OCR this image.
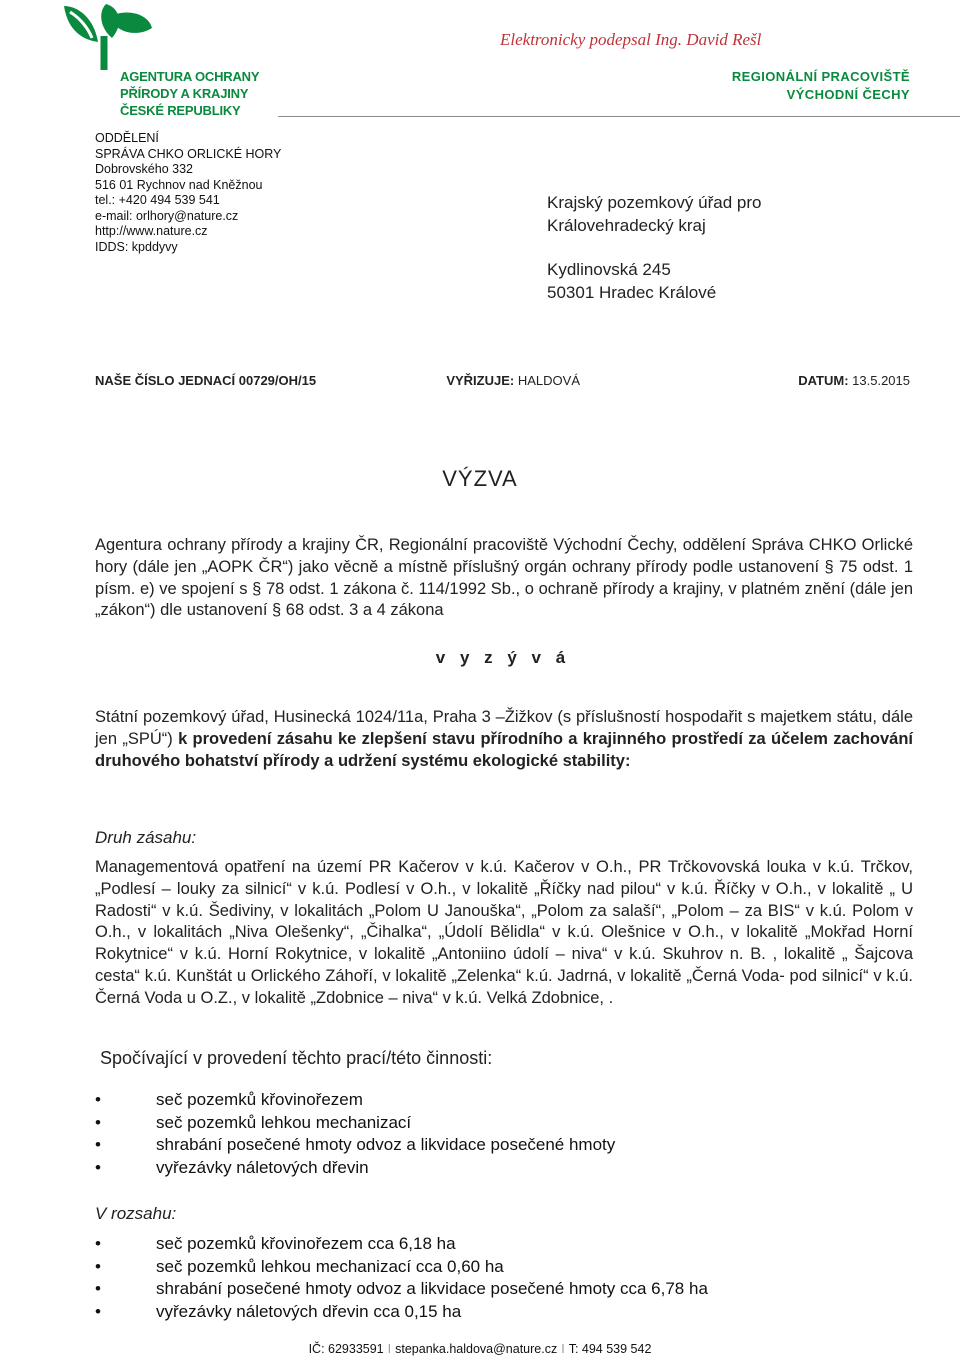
AGENTURA OCHRANY
PŘÍRODY A KRAJINY
ČESKÉ REPUBLIKY
Elektronicky podepsal Ing. David Rešl
REGIONÁLNÍ PRACOVIŠTĚ
VÝCHODNÍ ČECHY
ODDĚLENÍ
SPRÁVA CHKO ORLICKÉ HORY
Dobrovského 332
516 01 Rychnov nad Kněžnou
tel.: +420 494 539 541
e-mail: orlhory@nature.cz
http://www.nature.cz
IDDS: kpddyvy
Krajský pozemkový úřad pro
Královehradecký kraj
Kydlinovská 245
50301 Hradec Králové
NAŠE ČÍSLO JEDNACÍ 00729/OH/15	VYŘIZUJE: HALDOVÁ	DATUM: 13.5.2015
VÝZVA
Agentura ochrany přírody a krajiny ČR, Regionální pracoviště Východní Čechy, oddělení Správa CHKO Orlické hory (dále jen „AOPK ČR“) jako věcně a místně příslušný orgán ochrany přírody podle ustanovení § 75 odst. 1 písm. e) ve spojení s § 78 odst. 1 zákona č. 114/1992 Sb., o ochraně přírody a krajiny, v platném znění (dále jen „zákon“) dle ustanovení § 68 odst. 3 a 4 zákona
v y z ý v á
Státní pozemkový úřad, Husinecká 1024/11a, Praha 3 –Žižkov (s příslušností hospodařit s majetkem státu, dále jen „SPÚ“) k provedení zásahu ke zlepšení stavu přírodního a krajinného prostředí za účelem zachování druhového bohatství přírody a udržení systému ekologické stability:
Druh zásahu:
Managementová opatření na území PR Kačerov v k.ú. Kačerov v O.h., PR Trčkovovská louka v k.ú. Trčkov, „Podlesí – louky za silnicí“ v k.ú. Podlesí v O.h., v lokalitě „Říčky nad pilou“ v k.ú. Říčky v O.h., v lokalitě „ U Radosti“ v k.ú. Šediviny, v lokalitách „Polom U Janouška“, „Polom za salaší“, „Polom – za BIS“ v k.ú. Polom v O.h., v lokalitách „Niva Olešenky“, „Čihalka“, „Údolí Bělidla“ v k.ú. Olešnice v O.h., v lokalitě „Mokřad Horní Rokytnice“ v k.ú. Horní Rokytnice, v lokalitě „Antoniino údolí – niva“ v k.ú. Skuhrov n. B. , lokalitě „ Šajcova cesta“ k.ú. Kunštát u Orlického Záhoří, v lokalitě „Zelenka“ k.ú. Jadrná, v lokalitě „Černá Voda- pod silnicí“ v k.ú. Černá Voda u O.Z., v lokalitě „Zdobnice – niva“ v k.ú. Velká Zdobnice, .
Spočívající v provedení těchto prací/této činnosti:
• seč pozemků křovinořezem
• seč pozemků lehkou mechanizací
• shrabání posečené hmoty odvoz a likvidace posečené hmoty
• vyřezávky náletových dřevin
V rozsahu:
• seč pozemků křovinořezem cca 6,18 ha
• seč pozemků lehkou mechanizací cca 0,60 ha
• shrabání posečené hmoty odvoz a likvidace posečené hmoty cca 6,78 ha
• vyřezávky náletových dřevin cca 0,15 ha
IČ: 62933591 I stepanka.haldova@nature.cz I T: 494 539 542
